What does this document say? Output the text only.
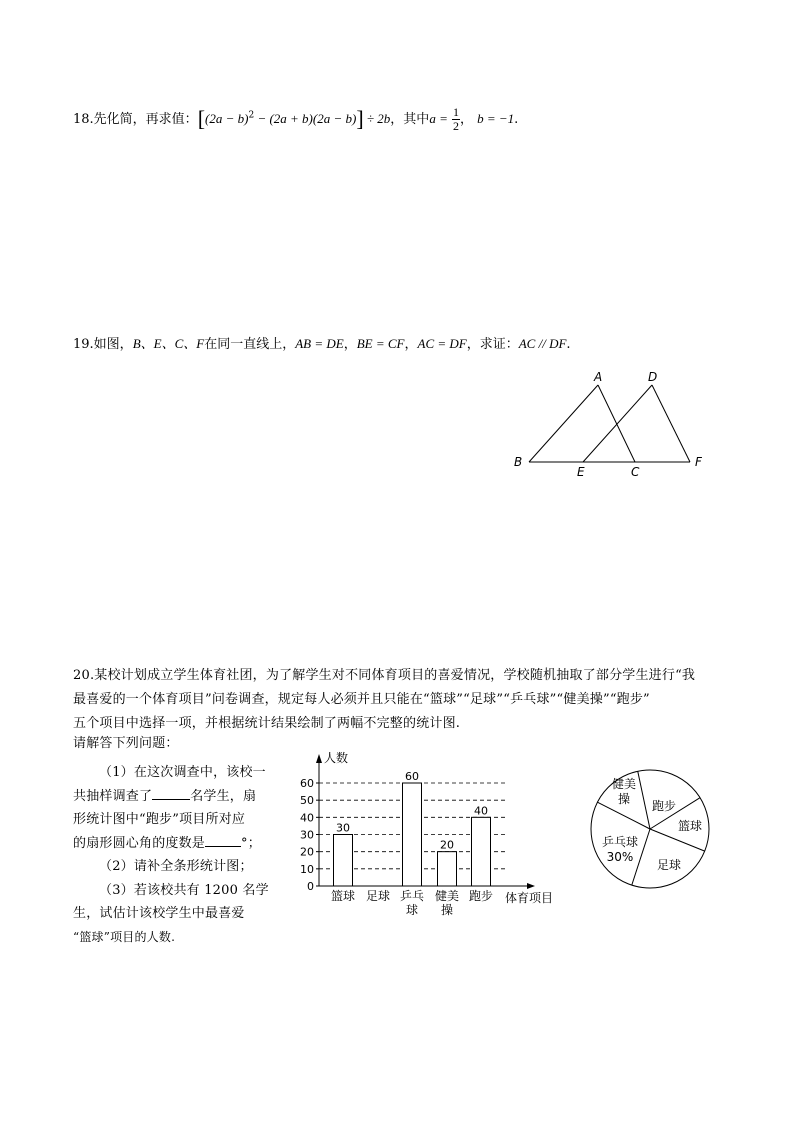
18.先化简，再求值：$[(2a - b)^2 - (2a + b)(2a - b)] \div 2b$，其中$a = \frac{1}{2}$ ， b = −1.
19.如图，B、E、C、F在同一直线上，AB = DE，BE = CF，AC = DF，求证：AC // DF.
A	D
B
E	C
F
20.某校计划成立学生体育社团，为了解学生对不同体育项目的喜爱情况，学校随机抽取了部分学生进行“我
最喜爱的一个体育项目”问卷调查，规定每人必须并且只能在“篮球”“足球”“乒乓球”“健美操”“跑步”
五个项目中选择一项，并根据统计结果绘制了两幅不完整的统计图.
请解答下列问题：
（1）在这次调查中，该校一
共抽样调查了	名学生，扇
形统计图中“跑步”项目所对应
的扇形圆心角的度数是	°；
（2）请补全条形统计图；
（3）若该校共有 1200 名学
生，试估计该校学生中最喜爱
“篮球”项目的人数.
0
10
20
30
40
50
60
人数
体育项目
30
篮球 足球
60
乒乓
球
20
健美
操
40
跑步
健美
操 跑步
篮球
足球
乒乓球
30%
